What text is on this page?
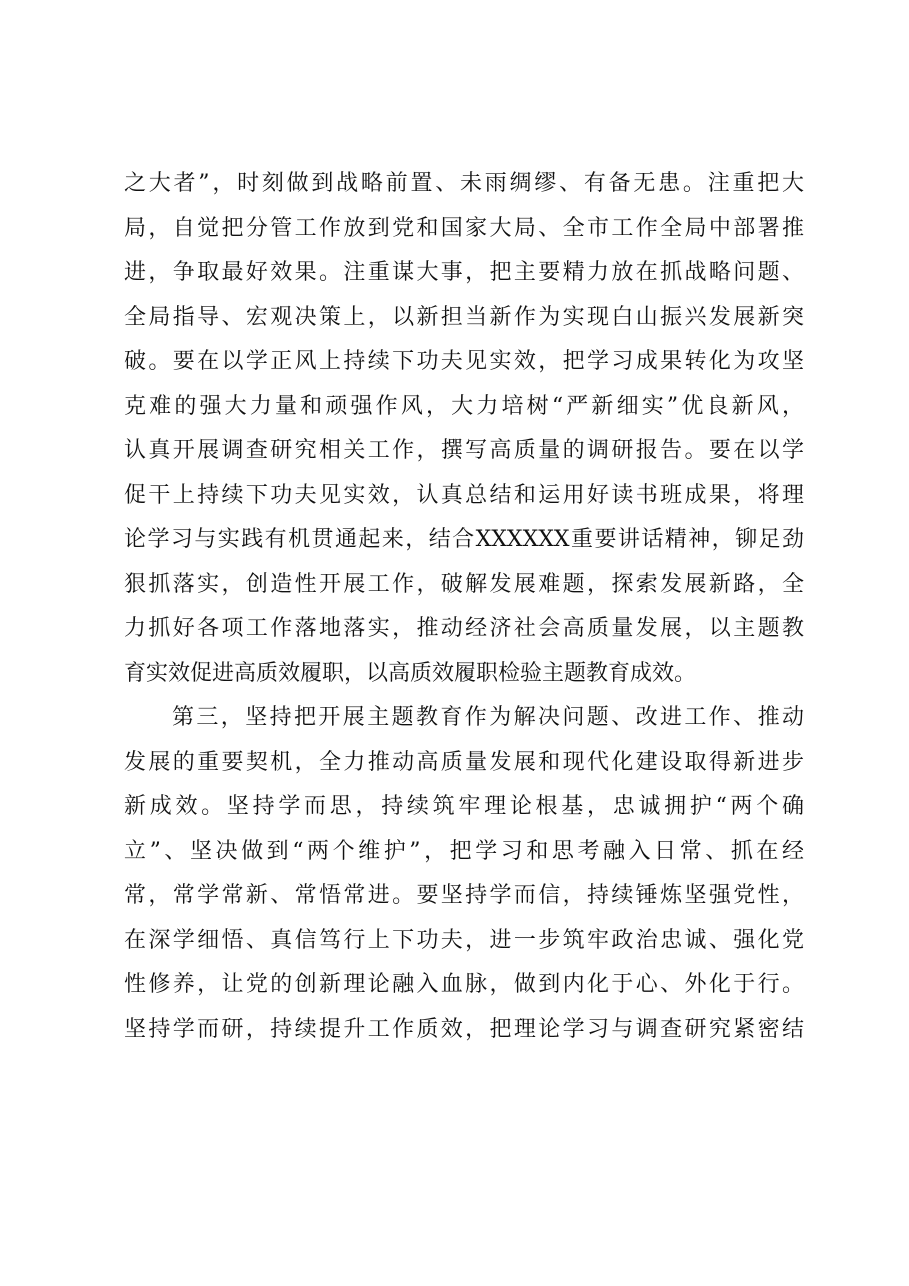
之大者”，时刻做到战略前置、未雨绸缪、有备无患。注重把大
局，自觉把分管工作放到党和国家大局、全市工作全局中部署推
进，争取最好效果。注重谋大事，把主要精力放在抓战略问题、
全局指导、宏观决策上，以新担当新作为实现白山振兴发展新突
破。要在以学正风上持续下功夫见实效，把学习成果转化为攻坚
克难的强大力量和顽强作风，大力培树“严新细实”优良新风，
认真开展调查研究相关工作，撰写高质量的调研报告。要在以学
促干上持续下功夫见实效，认真总结和运用好读书班成果，将理
论学习与实践有机贯通起来，结合XXXXXX重要讲话精神，铆足劲
狠抓落实，创造性开展工作，破解发展难题，探索发展新路，全
力抓好各项工作落地落实，推动经济社会高质量发展，以主题教
育实效促进高质效履职，以高质效履职检验主题教育成效。
第三，坚持把开展主题教育作为解决问题、改进工作、推动
发展的重要契机，全力推动高质量发展和现代化建设取得新进步
新成效。坚持学而思，持续筑牢理论根基，忠诚拥护“两个确
立”、坚决做到“两个维护”，把学习和思考融入日常、抓在经
常，常学常新、常悟常进。要坚持学而信，持续锤炼坚强党性，
在深学细悟、真信笃行上下功夫，进一步筑牢政治忠诚、强化党
性修养，让党的创新理论融入血脉，做到内化于心、外化于行。
坚持学而研，持续提升工作质效，把理论学习与调查研究紧密结
